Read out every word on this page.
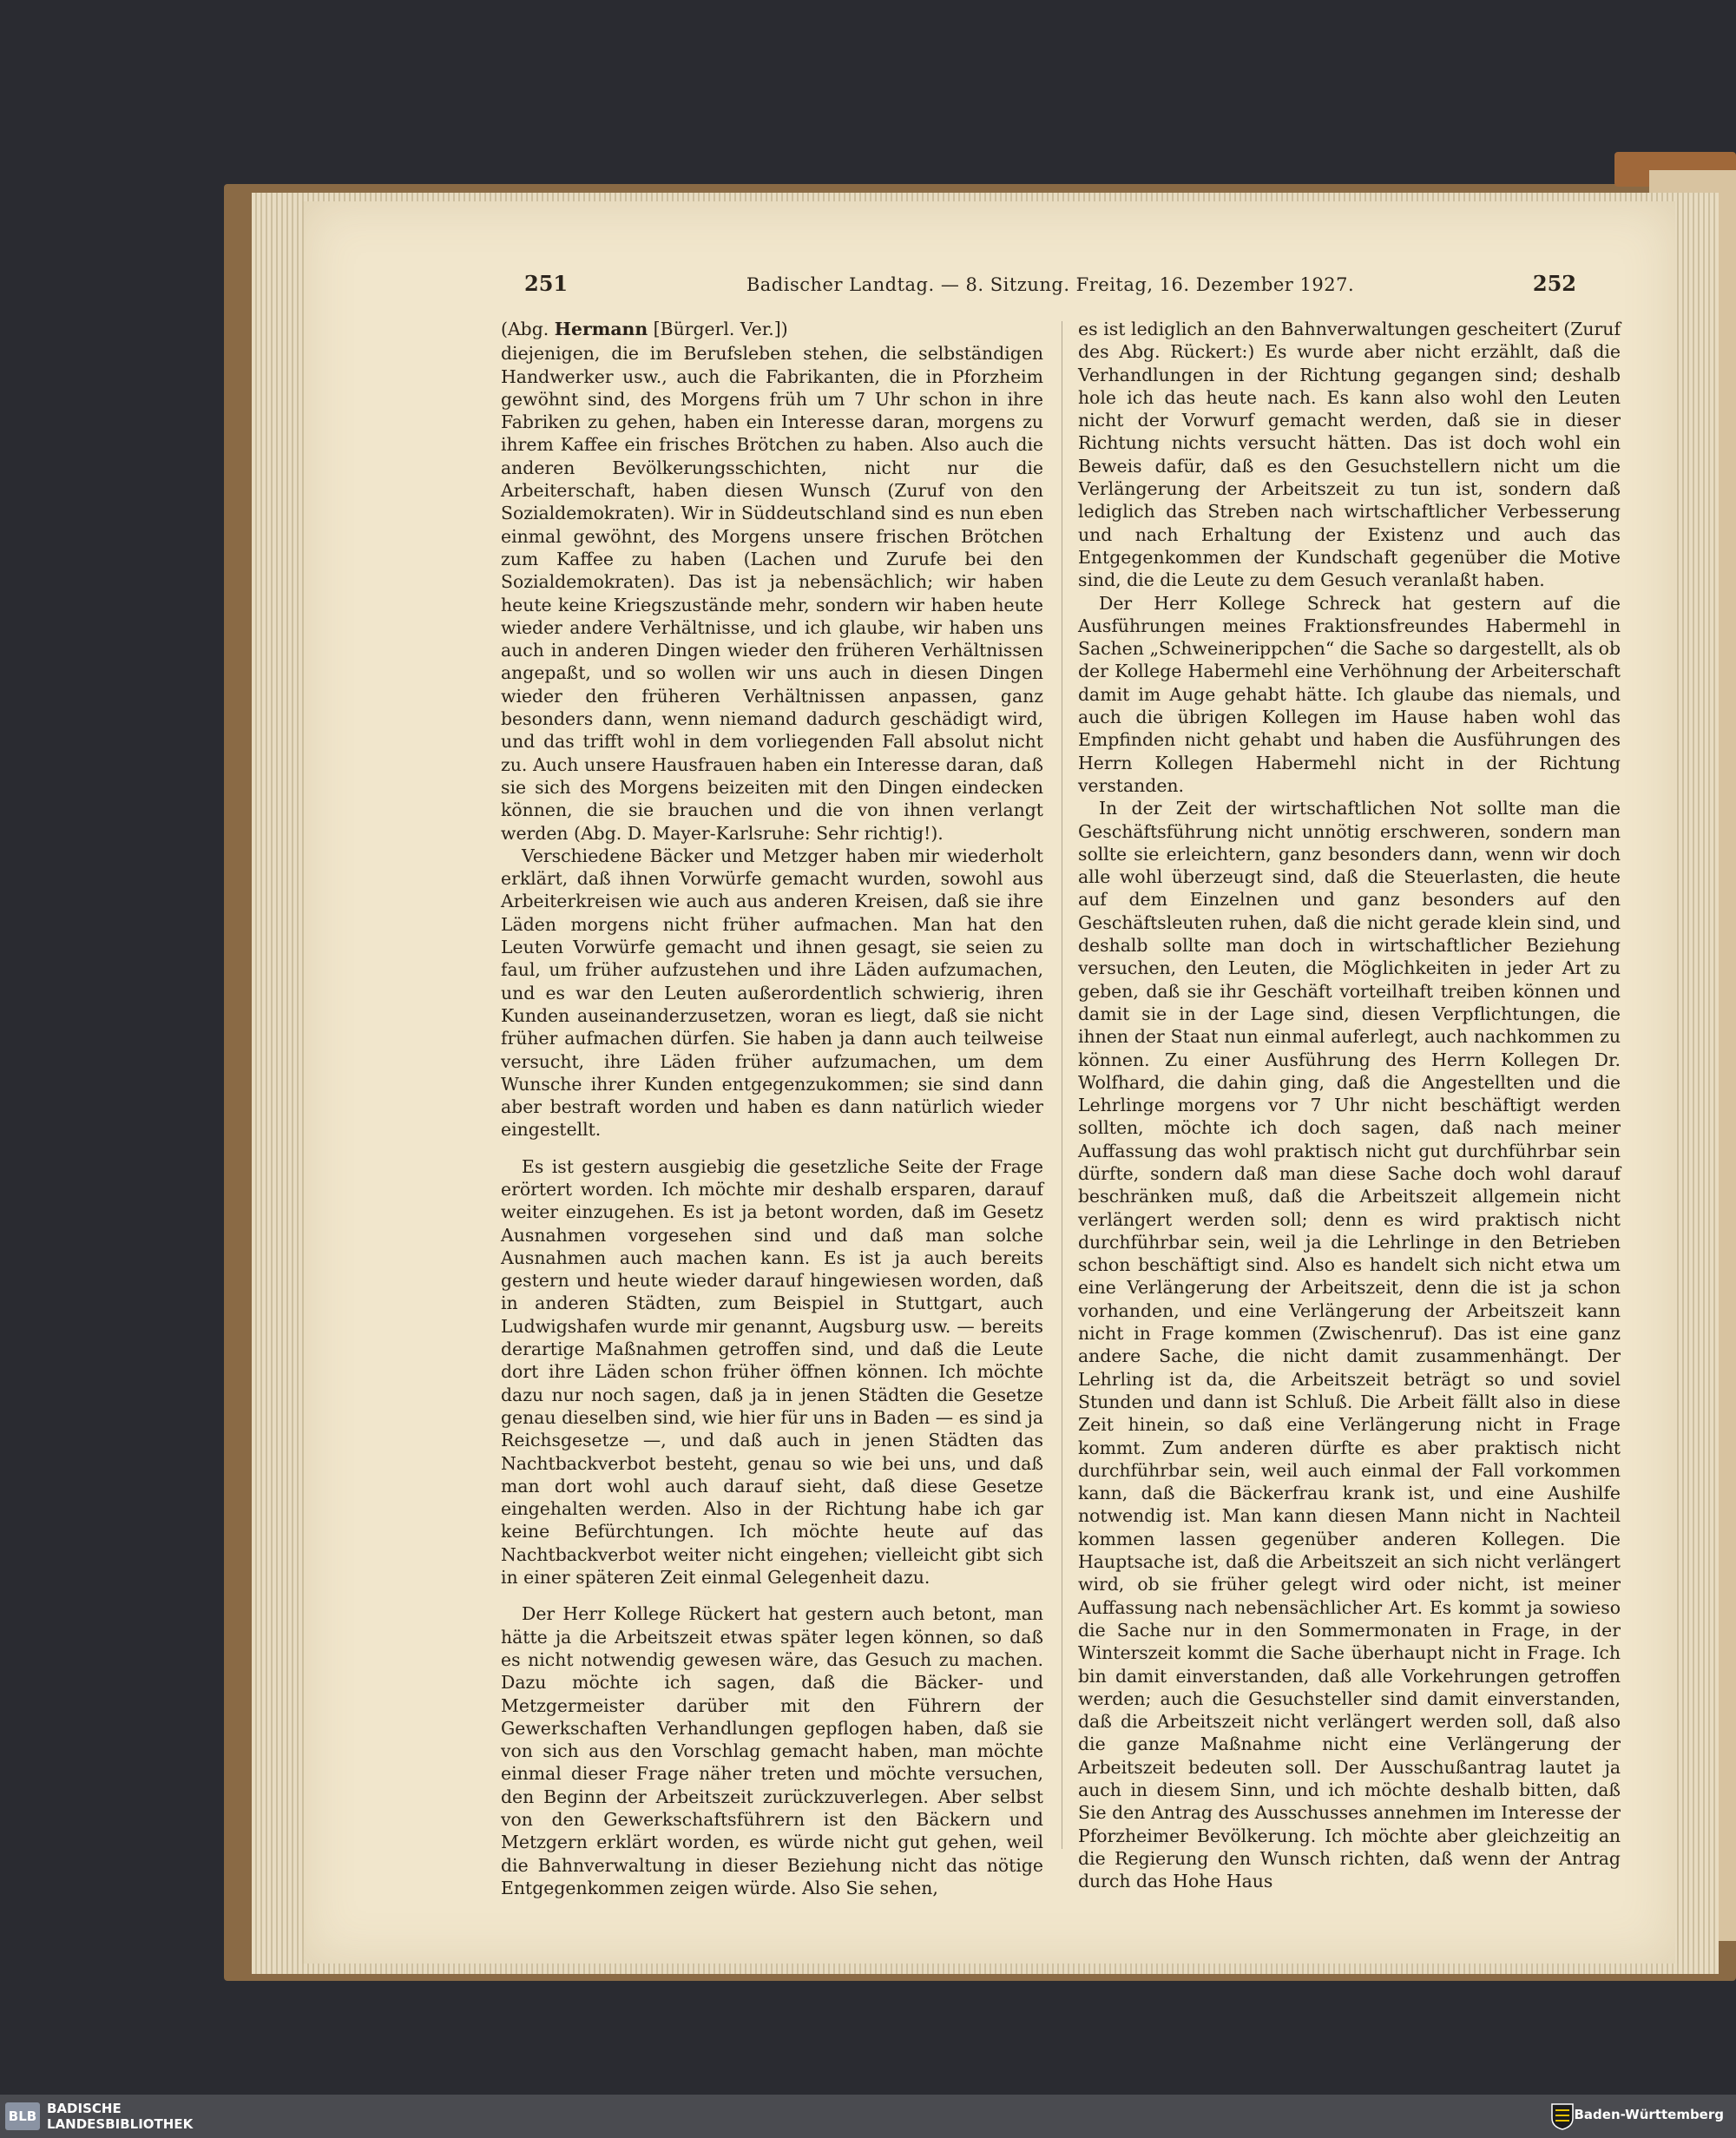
251	Badischer Landtag. — 8. Sitzung. Freitag, 16. Dezember 1927.	252
(Abg. Hermann [Bürgerl. Ver.])

diejenigen, die im Berufsleben stehen, die selbständigen Handwerker usw., auch die Fabrikanten, die in Pforzheim gewöhnt sind, des Morgens früh um 7 Uhr schon in ihre Fabriken zu gehen, haben ein Interesse daran, morgens zu ihrem Kaffee ein frisches Brötchen zu haben. Also auch die anderen Bevölkerungsschichten, nicht nur die Arbeiterschaft, haben diesen Wunsch (Zuruf von den Sozialdemokraten). Wir in Süddeutschland sind es nun eben einmal gewöhnt, des Morgens unsere frischen Brötchen zum Kaffee zu haben (Lachen und Zurufe bei den Sozialdemokraten). Das ist ja nebensächlich; wir haben heute keine Kriegszustände mehr, sondern wir haben heute wieder andere Verhältnisse, und ich glaube, wir haben uns auch in anderen Dingen wieder den früheren Verhältnissen angepaßt, und so wollen wir uns auch in diesen Dingen wieder den früheren Verhältnissen anpassen, ganz besonders dann, wenn niemand dadurch geschädigt wird, und das trifft wohl in dem vorliegenden Fall absolut nicht zu. Auch unsere Hausfrauen haben ein Interesse daran, daß sie sich des Morgens beizeiten mit den Dingen eindecken können, die sie brauchen und die von ihnen verlangt werden (Abg. D. Mayer-Karlsruhe: Sehr richtig!).

Verschiedene Bäcker und Metzger haben mir wiederholt erklärt, daß ihnen Vorwürfe gemacht wurden, sowohl aus Arbeiterkreisen wie auch aus anderen Kreisen, daß sie ihre Läden morgens nicht früher aufmachen. Man hat den Leuten Vorwürfe gemacht und ihnen gesagt, sie seien zu faul, um früher aufzustehen und ihre Läden aufzumachen, und es war den Leuten außerordentlich schwierig, ihren Kunden auseinanderzusetzen, woran es liegt, daß sie nicht früher aufmachen dürfen. Sie haben ja dann auch teilweise versucht, ihre Läden früher aufzumachen, um dem Wunsche ihrer Kunden entgegenzukommen; sie sind dann aber bestraft worden und haben es dann natürlich wieder eingestellt.

Es ist gestern ausgiebig die gesetzliche Seite der Frage erörtert worden. Ich möchte mir deshalb ersparen, darauf weiter einzugehen. Es ist ja betont worden, daß im Gesetz Ausnahmen vorgesehen sind und daß man solche Ausnahmen auch machen kann. Es ist ja auch bereits gestern und heute wieder darauf hingewiesen worden, daß in anderen Städten, zum Beispiel in Stuttgart, auch Ludwigshafen wurde mir genannt, Augsburg usw. — bereits derartige Maßnahmen getroffen sind, und daß die Leute dort ihre Läden schon früher öffnen können. Ich möchte dazu nur noch sagen, daß ja in jenen Städten die Gesetze genau dieselben sind, wie hier für uns in Baden — es sind ja Reichsgesetze —, und daß auch in jenen Städten das Nachtbackverbot besteht, genau so wie bei uns, und daß man dort wohl auch darauf sieht, daß diese Gesetze eingehalten werden. Also in der Richtung habe ich gar keine Befürchtungen. Ich möchte heute auf das Nachtbackverbot weiter nicht eingehen; vielleicht gibt sich in einer späteren Zeit einmal Gelegenheit dazu.

Der Herr Kollege Rückert hat gestern auch betont, man hätte ja die Arbeitszeit etwas später legen können, so daß es nicht notwendig gewesen wäre, das Gesuch zu machen. Dazu möchte ich sagen, daß die Bäcker- und Metzgermeister darüber mit den Führern der Gewerkschaften Verhandlungen gepflogen haben, daß sie von sich aus den Vorschlag gemacht haben, man möchte einmal dieser Frage näher treten und möchte versuchen, den Beginn der Arbeitszeit zurückzuverlegen. Aber selbst von den Gewerkschaftsführern ist den Bäckern und Metzgern erklärt worden, es würde nicht gut gehen, weil die Bahnverwaltung in dieser Beziehung nicht das nötige Entgegenkommen zeigen würde. Also Sie sehen,

es ist lediglich an den Bahnverwaltungen gescheitert (Zuruf des Abg. Rückert:) Es wurde aber nicht erzählt, daß die Verhandlungen in der Richtung gegangen sind; deshalb hole ich das heute nach. Es kann also wohl den Leuten nicht der Vorwurf gemacht werden, daß sie in dieser Richtung nichts versucht hätten. Das ist doch wohl ein Beweis dafür, daß es den Gesuchstellern nicht um die Verlängerung der Arbeitszeit zu tun ist, sondern daß lediglich das Streben nach wirtschaftlicher Verbesserung und nach Erhaltung der Existenz und auch das Entgegenkommen der Kundschaft gegenüber die Motive sind, die die Leute zu dem Gesuch veranlaßt haben.

Der Herr Kollege Schreck hat gestern auf die Ausführungen meines Fraktionsfreundes Habermehl in Sachen „Schweinerippchen“ die Sache so dargestellt, als ob der Kollege Habermehl eine Verhöhnung der Arbeiterschaft damit im Auge gehabt hätte. Ich glaube das niemals, und auch die übrigen Kollegen im Hause haben wohl das Empfinden nicht gehabt und haben die Ausführungen des Herrn Kollegen Habermehl nicht in der Richtung verstanden.

In der Zeit der wirtschaftlichen Not sollte man die Geschäftsführung nicht unnötig erschweren, sondern man sollte sie erleichtern, ganz besonders dann, wenn wir doch alle wohl überzeugt sind, daß die Steuerlasten, die heute auf dem Einzelnen und ganz besonders auf den Geschäftsleuten ruhen, daß die nicht gerade klein sind, und deshalb sollte man doch in wirtschaftlicher Beziehung versuchen, den Leuten, die Möglichkeiten in jeder Art zu geben, daß sie ihr Geschäft vorteilhaft treiben können und damit sie in der Lage sind, diesen Verpflichtungen, die ihnen der Staat nun einmal auferlegt, auch nachkommen zu können. Zu einer Ausführung des Herrn Kollegen Dr. Wolfhard, die dahin ging, daß die Angestellten und die Lehrlinge morgens vor 7 Uhr nicht beschäftigt werden sollten, möchte ich doch sagen, daß nach meiner Auffassung das wohl praktisch nicht gut durchführbar sein dürfte, sondern daß man diese Sache doch wohl darauf beschränken muß, daß die Arbeitszeit allgemein nicht verlängert werden soll; denn es wird praktisch nicht durchführbar sein, weil ja die Lehrlinge in den Betrieben schon beschäftigt sind. Also es handelt sich nicht etwa um eine Verlängerung der Arbeitszeit, denn die ist ja schon vorhanden, und eine Verlängerung der Arbeitszeit kann nicht in Frage kommen (Zwischenruf). Das ist eine ganz andere Sache, die nicht damit zusammenhängt. Der Lehrling ist da, die Arbeitszeit beträgt so und soviel Stunden und dann ist Schluß. Die Arbeit fällt also in diese Zeit hinein, so daß eine Verlängerung nicht in Frage kommt. Zum anderen dürfte es aber praktisch nicht durchführbar sein, weil auch einmal der Fall vorkommen kann, daß die Bäckerfrau krank ist, und eine Aushilfe notwendig ist. Man kann diesen Mann nicht in Nachteil kommen lassen gegenüber anderen Kollegen. Die Hauptsache ist, daß die Arbeitszeit an sich nicht verlängert wird, ob sie früher gelegt wird oder nicht, ist meiner Auffassung nach nebensächlicher Art. Es kommt ja sowieso die Sache nur in den Sommermonaten in Frage, in der Winterszeit kommt die Sache überhaupt nicht in Frage. Ich bin damit einverstanden, daß alle Vorkehrungen getroffen werden; auch die Gesuchsteller sind damit einverstanden, daß die Arbeitszeit nicht verlängert werden soll, daß also die ganze Maßnahme nicht eine Verlängerung der Arbeitszeit bedeuten soll. Der Ausschußantrag lautet ja auch in diesem Sinn, und ich möchte deshalb bitten, daß Sie den Antrag des Ausschusses annehmen im Interesse der Pforzheimer Bevölkerung. Ich möchte aber gleichzeitig an die Regierung den Wunsch richten, daß wenn der Antrag durch das Hohe Haus

BLB BADISCHE
LANDESBIBLIOTHEK
Baden-Württemberg
